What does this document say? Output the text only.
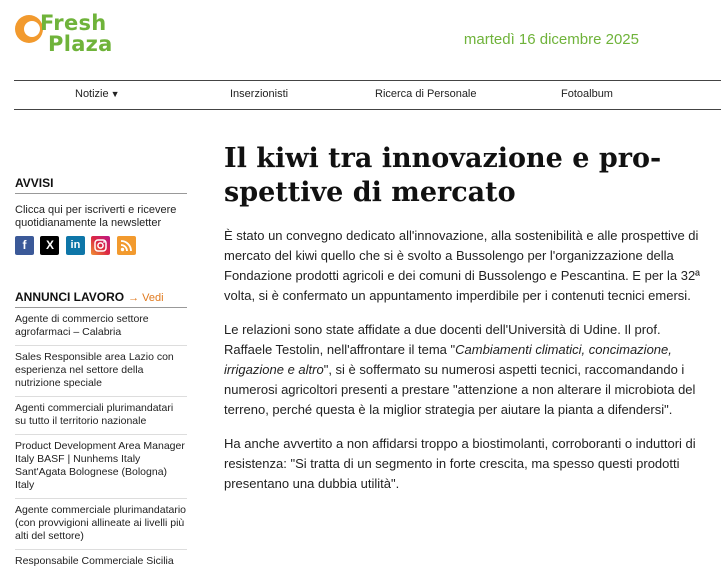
Fresh
Plaza	martedì 16 dicembre 2025
Notizie ▼	Inserzionisti	Ricerca di Personale	Fotoalbum
AVVISI
Clicca qui per iscriverti e ricevere quotidianamente la newsletter
f X in
ANNUNCI LAVORO → Vedi
Agente di commercio settore agrofarmaci – Calabria
Sales Responsible area Lazio con esperienza nel settore della nutrizione speciale
Agenti commerciali plurimandatari su tutto il territorio nazionale
Product Development Area Manager Italy BASF | Nunhems Italy Sant'Agata Bolognese (Bologna) Italy
Agente commerciale plurimandatario (con provvigioni allineate ai livelli più alti del settore)
Responsabile Commerciale Sicilia
Il kiwi tra innovazione e pro-spettive di mercato

È stato un convegno dedicato all'innovazione, alla sostenibilità e alle prospettive di mercato del kiwi quello che si è svolto a Bussolengo per l'organizzazione della Fondazione prodotti agricoli e dei comuni di Bussolengo e Pescantina. E per la 32ª volta, si è confermato un appuntamento imperdibile per i contenuti tecnici emersi.

Le relazioni sono state affidate a due docenti dell'Università di Udine. Il prof. Raffaele Testolin, nell'affrontare il tema "Cambiamenti climatici, concimazione, irrigazione e altro", si è soffermato su numerosi aspetti tecnici, raccomandando i numerosi agricoltori presenti a prestare "attenzione a non alterare il microbiota del terreno, perché questa è la miglior strategia per aiutare la pianta a difendersi".

Ha anche avvertito a non affidarsi troppo a biostimolanti, corroboranti o induttori di resistenza: "Si tratta di un segmento in forte crescita, ma spesso questi prodotti presentano una dubbia utilità".
